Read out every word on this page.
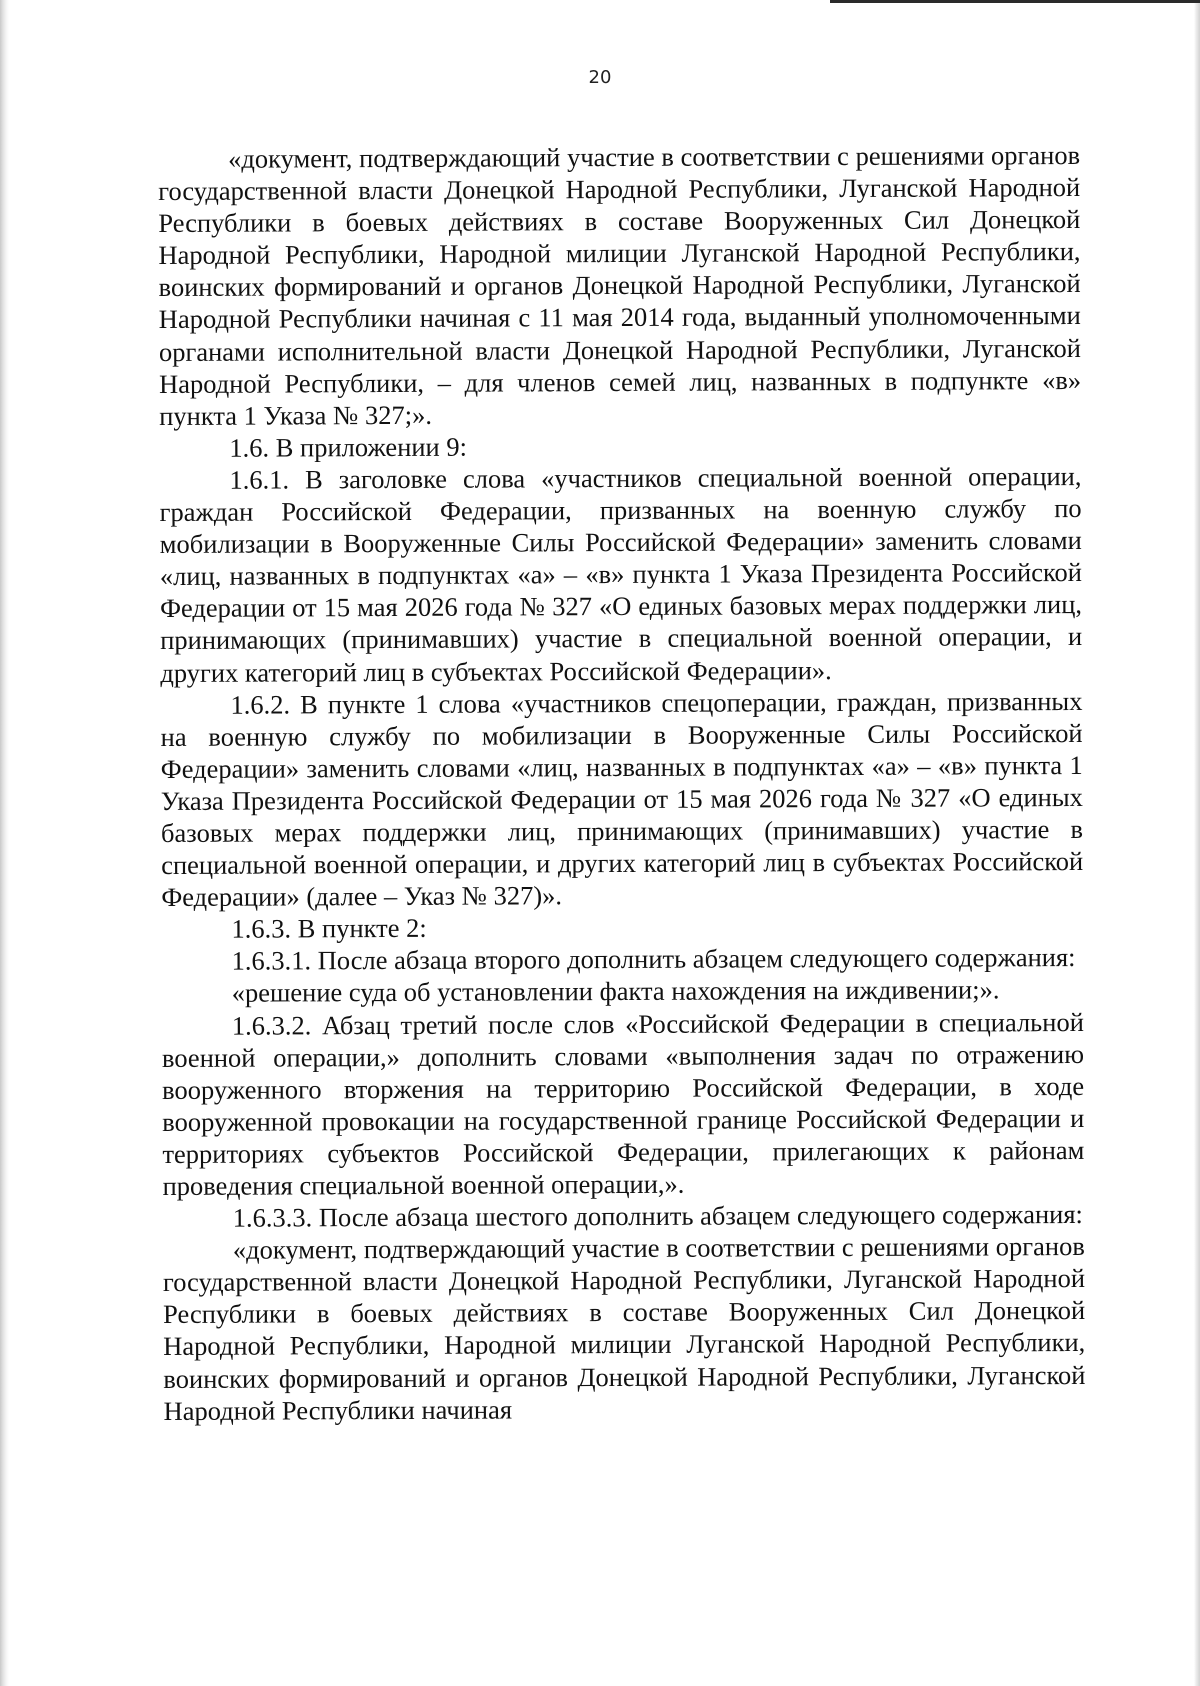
20

«документ, подтверждающий участие в соответствии с решениями органов государственной власти Донецкой Народной Республики, Луганской Народной Республики в боевых действиях в составе Вооруженных Сил Донецкой Народной Республики, Народной милиции Луганской Народной Республики, воинских формирований и органов Донецкой Народной Республики, Луганской Народной Республики начиная с 11 мая 2014 года, выданный уполномоченными органами исполнительной власти Донецкой Народной Республики, Луганской Народной Республики, – для членов семей лиц, названных в подпункте «в» пункта 1 Указа № 327;».

1.6. В приложении 9:

1.6.1. В заголовке слова «участников специальной военной операции, граждан Российской Федерации, призванных на военную службу по мобилизации в Вооруженные Силы Российской Федерации» заменить словами «лиц, названных в подпунктах «а» – «в» пункта 1 Указа Президента Российской Федерации от 15 мая 2026 года № 327 «О единых базовых мерах поддержки лиц, принимающих (принимавших) участие в специальной военной операции, и других категорий лиц в субъектах Российской Федерации».

1.6.2. В пункте 1 слова «участников спецоперации, граждан, призванных на военную службу по мобилизации в Вооруженные Силы Российской Федерации» заменить словами «лиц, названных в подпунктах «а» – «в» пункта 1 Указа Президента Российской Федерации от 15 мая 2026 года № 327 «О единых базовых мерах поддержки лиц, принимающих (принимавших) участие в специальной военной операции, и других категорий лиц в субъектах Российской Федерации» (далее – Указ № 327)».

1.6.3. В пункте 2:

1.6.3.1. После абзаца второго дополнить абзацем следующего содержания:

«решение суда об установлении факта нахождения на иждивении;».

1.6.3.2. Абзац третий после слов «Российской Федерации в специальной военной операции,» дополнить словами «выполнения задач по отражению вооруженного вторжения на территорию Российской Федерации, в ходе вооруженной провокации на государственной границе Российской Федерации и территориях субъектов Российской Федерации, прилегающих к районам проведения специальной военной операции,».

1.6.3.3. После абзаца шестого дополнить абзацем следующего содержания:

«документ, подтверждающий участие в соответствии с решениями органов государственной власти Донецкой Народной Республики, Луганской Народной Республики в боевых действиях в составе Вооруженных Сил Донецкой Народной Республики, Народной милиции Луганской Народной Республики, воинских формирований и органов Донецкой Народной Республики, Луганской Народной Республики начиная
